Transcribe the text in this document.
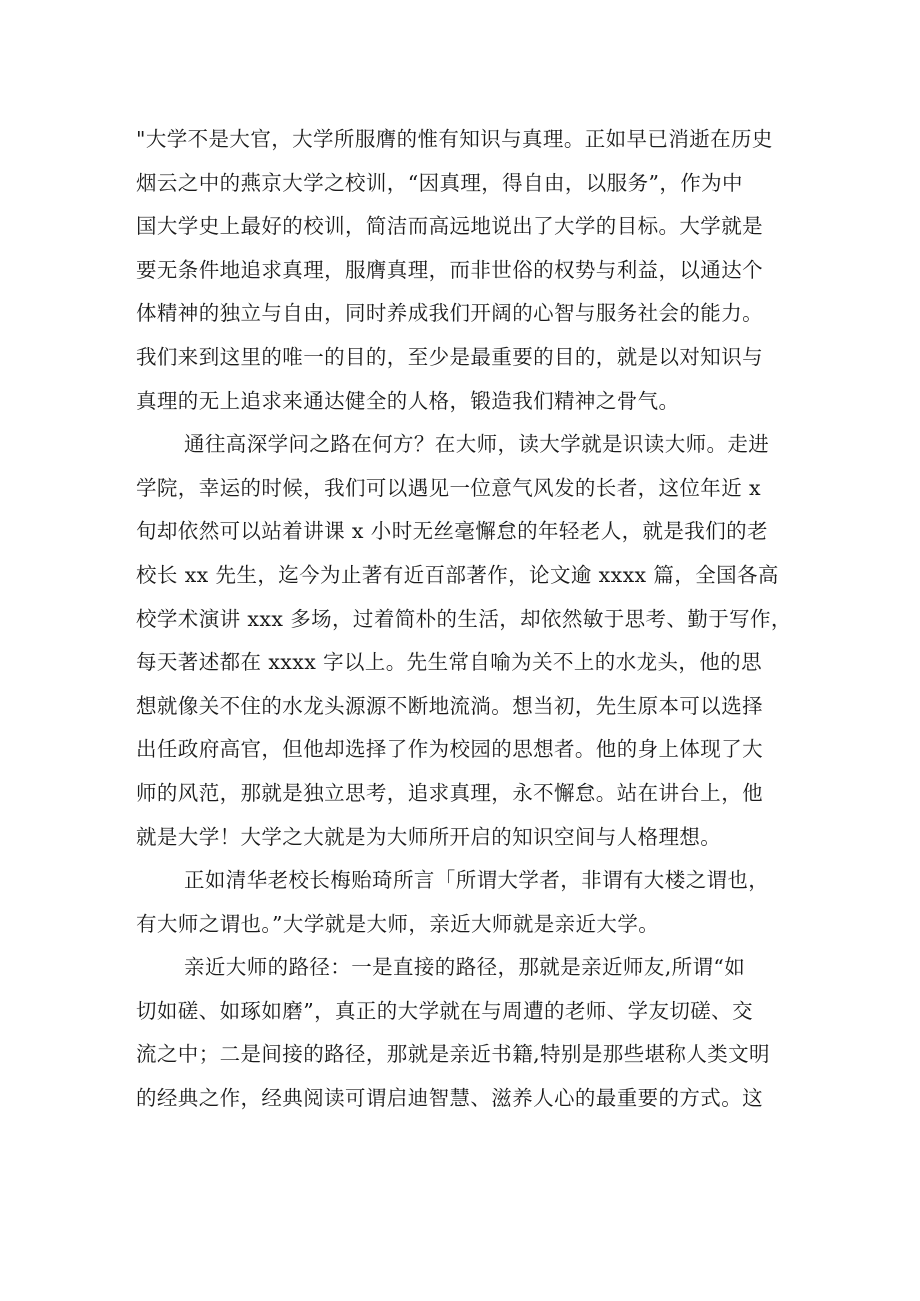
"大学不是大官，大学所服膺的惟有知识与真理。正如早已消逝在历史
烟云之中的燕京大学之校训，“因真理，得自由，以服务”，作为中
国大学史上最好的校训，简洁而高远地说出了大学的目标。大学就是
要无条件地追求真理，服膺真理，而非世俗的权势与利益，以通达个
体精神的独立与自由，同时养成我们开阔的心智与服务社会的能力。
我们来到这里的唯一的目的，至少是最重要的目的，就是以对知识与
真理的无上追求来通达健全的人格，锻造我们精神之骨气。

通往高深学问之路在何方？在大师，读大学就是识读大师。走进
学院，幸运的时候，我们可以遇见一位意气风发的长者，这位年近 x
旬却依然可以站着讲课 x 小时无丝毫懈怠的年轻老人，就是我们的老
校长 xx 先生，迄今为止著有近百部著作，论文逾 xxxx 篇，全国各高
校学术演讲 xxx 多场，过着简朴的生活，却依然敏于思考、勤于写作，
每天著述都在 xxxx 字以上。先生常自喻为关不上的水龙头，他的思
想就像关不住的水龙头源源不断地流淌。想当初，先生原本可以选择
出任政府高官，但他却选择了作为校园的思想者。他的身上体现了大
师的风范，那就是独立思考，追求真理，永不懈怠。站在讲台上，他
就是大学！大学之大就是为大师所开启的知识空间与人格理想。

正如清华老校长梅贻琦所言「所谓大学者，非谓有大楼之谓也，
有大师之谓也。”大学就是大师，亲近大师就是亲近大学。

亲近大师的路径：一是直接的路径，那就是亲近师友,所谓“如
切如磋、如琢如磨”，真正的大学就在与周遭的老师、学友切磋、交
流之中；二是间接的路径，那就是亲近书籍,特别是那些堪称人类文明
的经典之作，经典阅读可谓启迪智慧、滋养人心的最重要的方式。这
